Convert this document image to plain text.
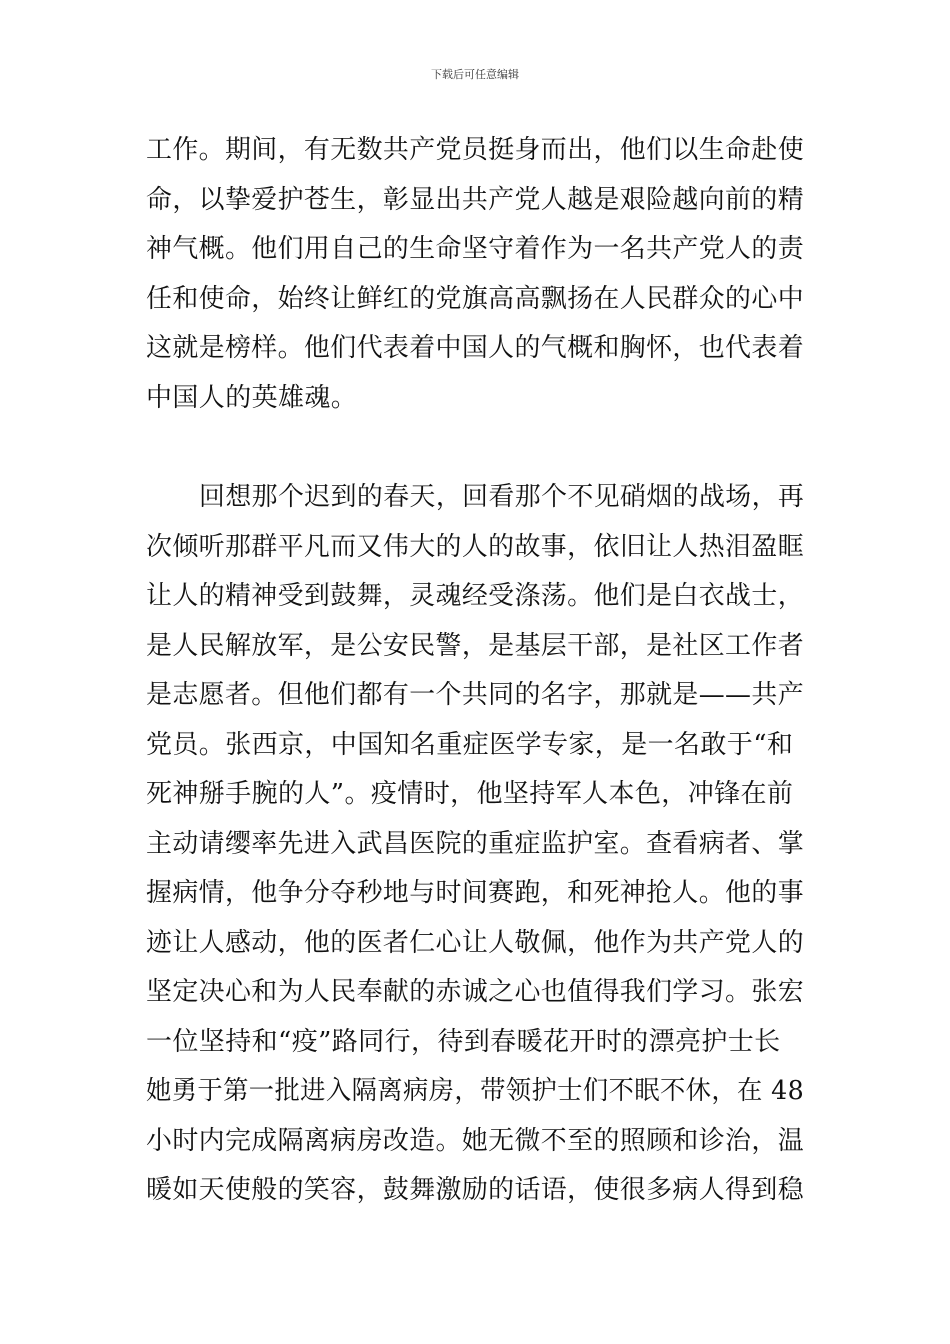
下载后可任意编辑
工作。期间，有无数共产党员挺身而出，他们以生命赴使
命，以挚爱护苍生，彰显出共产党人越是艰险越向前的精
神气概。他们用自己的生命坚守着作为一名共产党人的责
任和使命，始终让鲜红的党旗高高飘扬在人民群众的心中
这就是榜样。他们代表着中国人的气概和胸怀，也代表着
中国人的英雄魂。
回想那个迟到的春天，回看那个不见硝烟的战场，再
次倾听那群平凡而又伟大的人的故事，依旧让人热泪盈眶
让人的精神受到鼓舞，灵魂经受涤荡。他们是白衣战士，
是人民解放军，是公安民警，是基层干部，是社区工作者
是志愿者。但他们都有一个共同的名字，那就是——共产
党员。张西京，中国知名重症医学专家，是一名敢于“和
死神掰手腕的人”。疫情时，他坚持军人本色，冲锋在前
主动请缨率先进入武昌医院的重症监护室。查看病者、掌
握病情，他争分夺秒地与时间赛跑，和死神抢人。他的事
迹让人感动，他的医者仁心让人敬佩，他作为共产党人的
坚定决心和为人民奉献的赤诚之心也值得我们学习。张宏
一位坚持和“疫”路同行，待到春暖花开时的漂亮护士长
她勇于第一批进入隔离病房，带领护士们不眠不休，在 48
小时内完成隔离病房改造。她无微不至的照顾和诊治，温
暖如天使般的笑容，鼓舞激励的话语，使很多病人得到稳
